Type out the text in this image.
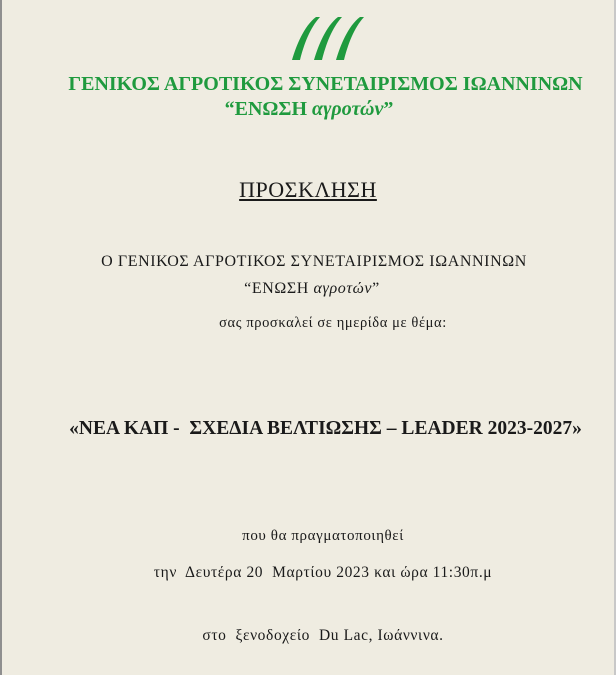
ΓΕΝΙΚΟΣ ΑΓΡΟΤΙΚΟΣ ΣΥΝΕΤΑΙΡΙΣΜΟΣ ΙΩΑΝΝΙΝΩΝ
“ΕΝΩΣΗ αγροτών”
ΠΡΟΣΚΛΗΣΗ
Ο ΓΕΝΙΚΟΣ ΑΓΡΟΤΙΚΟΣ ΣΥΝΕΤΑΙΡΙΣΜΟΣ ΙΩΑΝΝΙΝΩΝ
“ΕΝΩΣΗ αγροτών”
σας προσκαλεί σε ημερίδα με θέμα:
«ΝΕΑ ΚΑΠ -  ΣΧΕΔΙΑ ΒΕΛΤΙΩΣΗΣ – LEADER 2023-2027»
που θα πραγματοποιηθεί
την  Δευτέρα 20  Μαρτίου 2023 και ώρα 11:30π.μ
στο  ξενοδοχείο  Du Lac, Ιωάννινα.
